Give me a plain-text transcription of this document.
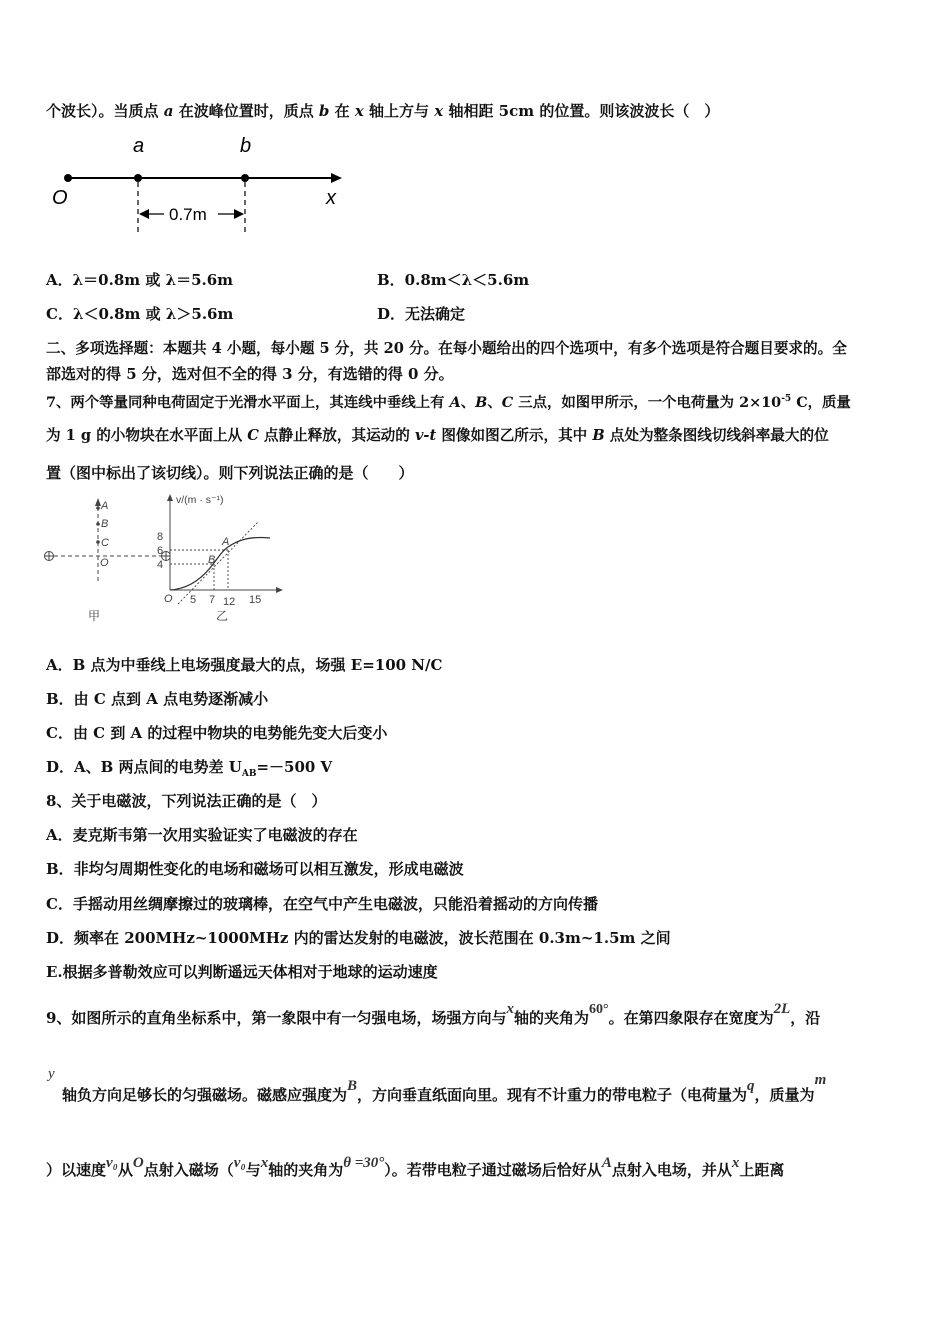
个波长）。当质点 a 在波峰位置时，质点 b 在 x 轴上方与 x 轴相距 5cm 的位置。则该波波长（　）
a	b
O	x
0.7m
A．λ＝0.8m 或 λ＝5.6m	B．0.8m＜λ＜5.6m
C．λ＜0.8m 或 λ＞5.6m	D．无法确定
二、多项选择题：本题共 4 小题，每小题 5 分，共 20 分。在每小题给出的四个选项中，有多个选项是符合题目要求的。全
部选对的得 5 分，选对但不全的得 3 分，有选错的得 0 分。
7、两个等量同种电荷固定于光滑水平面上，其连线中垂线上有 A、B、C 三点，如图甲所示，一个电荷量为 $2\times 10^{-5}$ C，质量
为 1 g 的小物块在水平面上从 C 点静止释放，其运动的 v-t 图像如图乙所示，其中 B 点处为整条图线切线斜率最大的位
置（图中标出了该切线）。则下列说法正确的是（　　）
A
B
C
O
甲
v/(m · s⁻¹)
8
6
4
O 5 7 12 15
A
B
乙
A．B 点为中垂线上电场强度最大的点，场强 E=100 N/C
B．由 C 点到 A 点电势逐渐减小
C．由 C 到 A 的过程中物块的电势能先变大后变小
D．A、B 两点间的电势差 $U_{AB}=-500$ V
8、关于电磁波，下列说法正确的是（　）
A．麦克斯韦第一次用实验证实了电磁波的存在
B．非均匀周期性变化的电场和磁场可以相互激发，形成电磁波
C．手摇动用丝绸摩擦过的玻璃棒，在空气中产生电磁波，只能沿着摇动的方向传播
D．频率在 200MHz~1000MHz 内的雷达发射的电磁波，波长范围在 0.3m~1.5m 之间
E.根据多普勒效应可以判断遥远天体相对于地球的运动速度
9、如图所示的直角坐标系中，第一象限中有一匀强电场，场强方向与x轴的夹角为60°。在第四象限存在宽度为2L，沿
y
轴负方向足够长的匀强磁场。磁感应强度为B，方向垂直纸面向里。现有不计重力的带电粒子（电荷量为q，质量为m
）以速度v₀从O点射入磁场（v₀与x轴的夹角为θ =30°）。若带电粒子通过磁场后恰好从A点射入电场，并从x上距离
